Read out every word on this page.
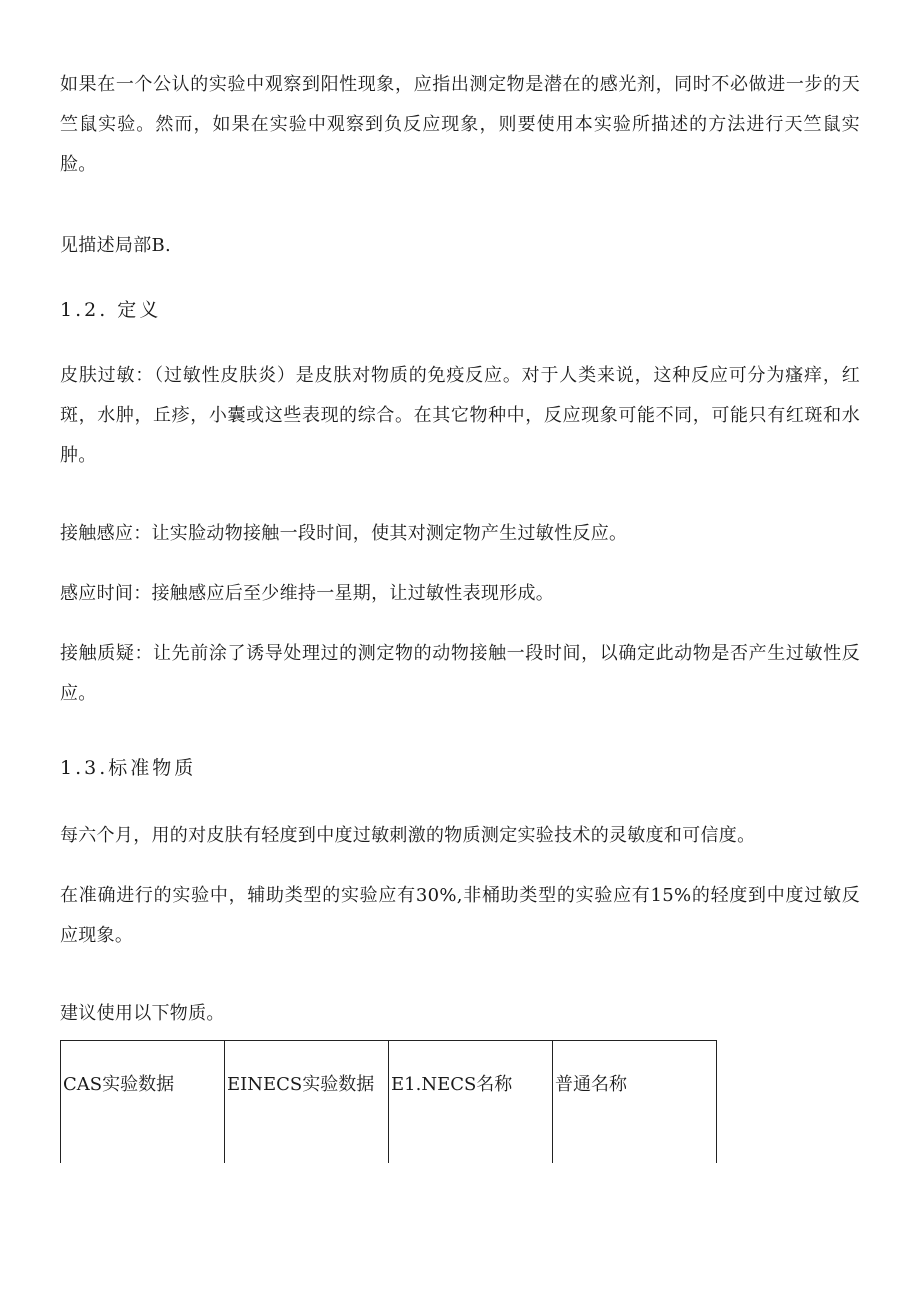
如果在一个公认的实验中观察到阳性现象，应指出测定物是潜在的感光剂，同时不必做进一步的天竺鼠实验。然而，如果在实验中观察到负反应现象，则要使用本实验所描述的方法进行天竺鼠实脸。

见描述局部B.

1.2. 定义

皮肤过敏：（过敏性皮肤炎）是皮肤对物质的免疫反应。对于人类来说，这种反应可分为瘙痒，红斑，水肿，丘疹，小囊或这些表现的综合。在其它物种中，反应现象可能不同，可能只有红斑和水肿。

接触感应：让实脸动物接触一段时间，使其对测定物产生过敏性反应。

感应时间：接触感应后至少维持一星期，让过敏性表现形成。

接触质疑：让先前涂了诱导处理过的测定物的动物接触一段时间，以确定此动物是否产生过敏性反应。

1.3.标准物质

每六个月，用的对皮肤有轻度到中度过敏刺激的物质测定实验技术的灵敏度和可信度。

在准确进行的实验中，辅助类型的实验应有30%,非桶助类型的实验应有15%的轻度到中度过敏反应现象。

建议使用以下物质。

CAS实验数据	EINECS实验数据	E1.NECS名称	普通名称
